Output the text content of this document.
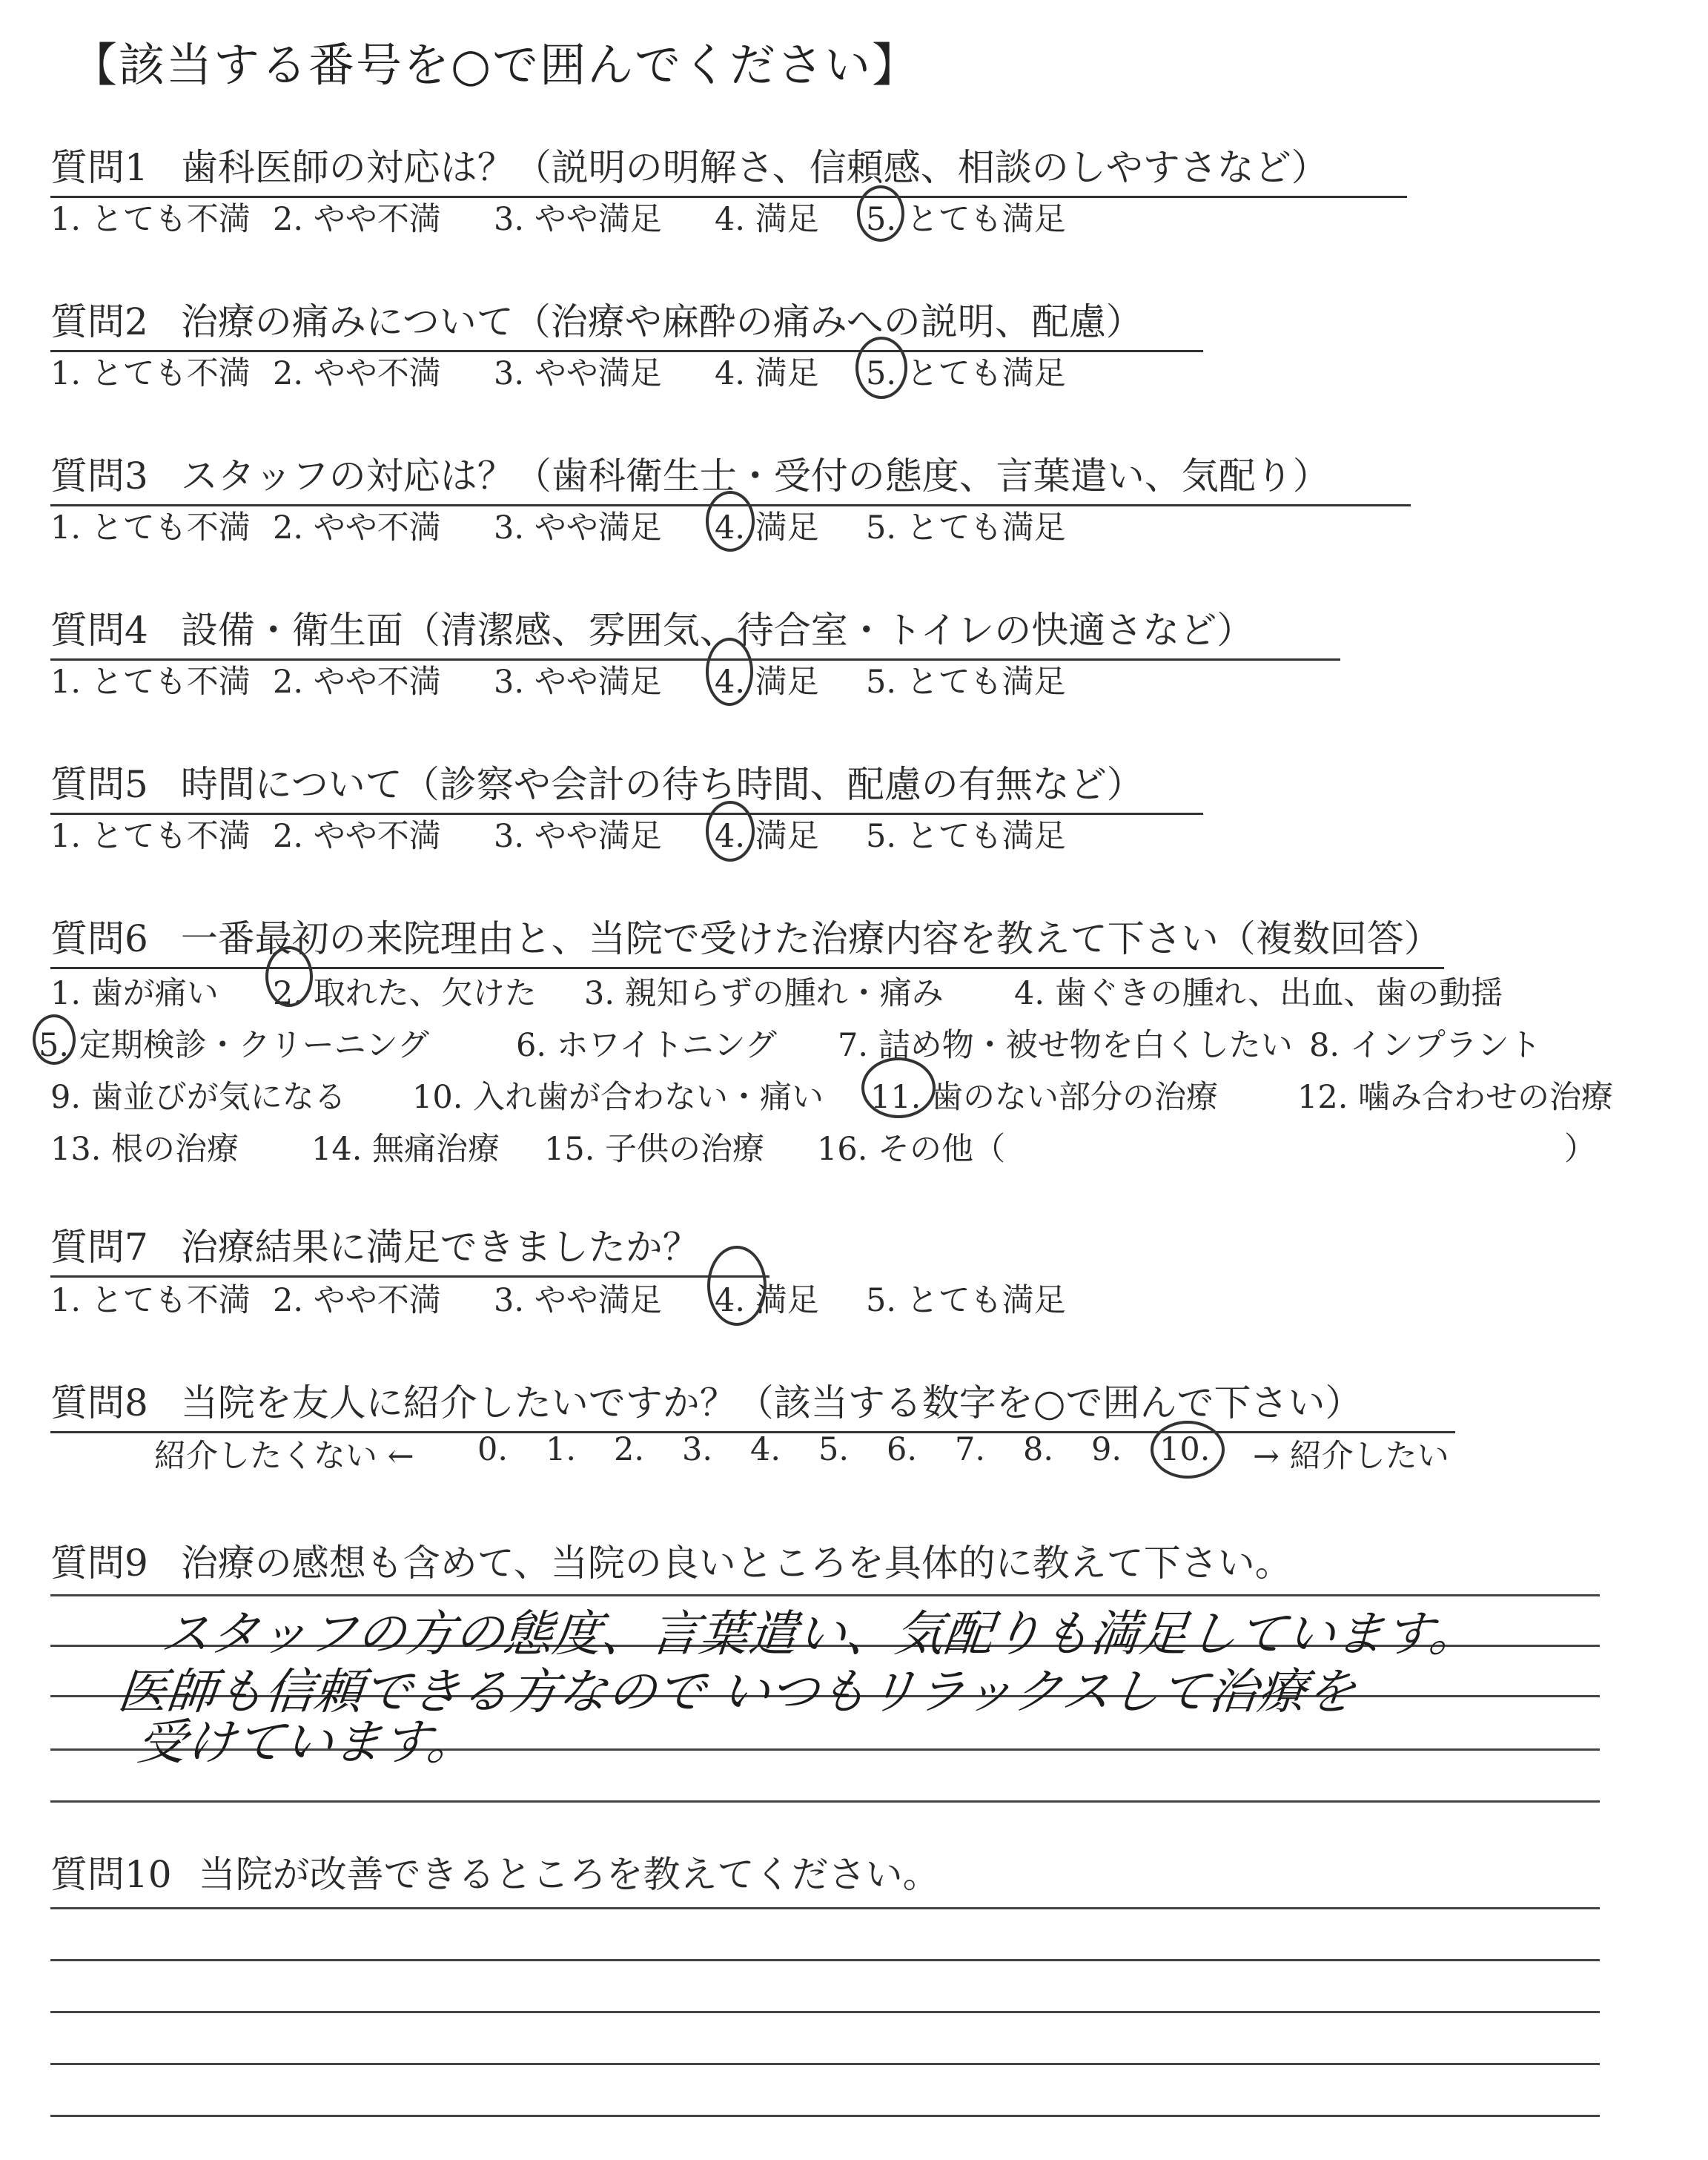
【該当する番号を○で囲んでください】
質問1 歯科医師の対応は？（説明の明解さ、信頼感、相談のしやすさなど）
1. とても不満 2. やや不満	3. やや満足	4. 満足	5. とても満足
質問2 治療の痛みについて（治療や麻酔の痛みへの説明、配慮）
1. とても不満 2. やや不満	3. やや満足	4. 満足	5. とても満足
質問3 スタッフの対応は？（歯科衛生士・受付の態度、言葉遣い、気配り）
1. とても不満 2. やや不満	3. やや満足	4. 満足	5. とても満足
質問4 設備・衛生面（清潔感、雰囲気、待合室・トイレの快適さなど）
1. とても不満 2. やや不満	3. やや満足	4. 満足	5. とても満足
質問5 時間について（診察や会計の待ち時間、配慮の有無など）
1. とても不満 2. やや不満	3. やや満足	4. 満足	5. とても満足
質問6 一番最初の来院理由と、当院で受けた治療内容を教えて下さい（複数回答）
1. 歯が痛い	2. 取れた、欠けた	3. 親知らずの腫れ・痛み	4. 歯ぐきの腫れ、出血、歯の動揺
5. 定期検診・クリーニング	6. ホワイトニング	7. 詰め物・被せ物を白くしたい 8. インプラント
9. 歯並びが気になる	10. 入れ歯が合わない・痛い	11. 歯のない部分の治療	12. 噛み合わせの治療
13. 根の治療	14. 無痛治療	15. 子供の治療	16. その他（	）
質問7 治療結果に満足できましたか？
1. とても不満 2. やや不満	3. やや満足	4. 満足	5. とても満足
質問8 当院を友人に紹介したいですか？（該当する数字を○で囲んで下さい）
紹介したくない ←	0.	1.	2.	3.	4.	5.	6.	7.	8.	9.	10.	→ 紹介したい
質問9 治療の感想も含めて、当院の良いところを具体的に教えて下さい。
スタッフの方の態度、言葉遣い、気配りも満足しています。
医師も信頼できる方なので いつもリラックスして治療を
受けています。
質問10 当院が改善できるところを教えてください。
